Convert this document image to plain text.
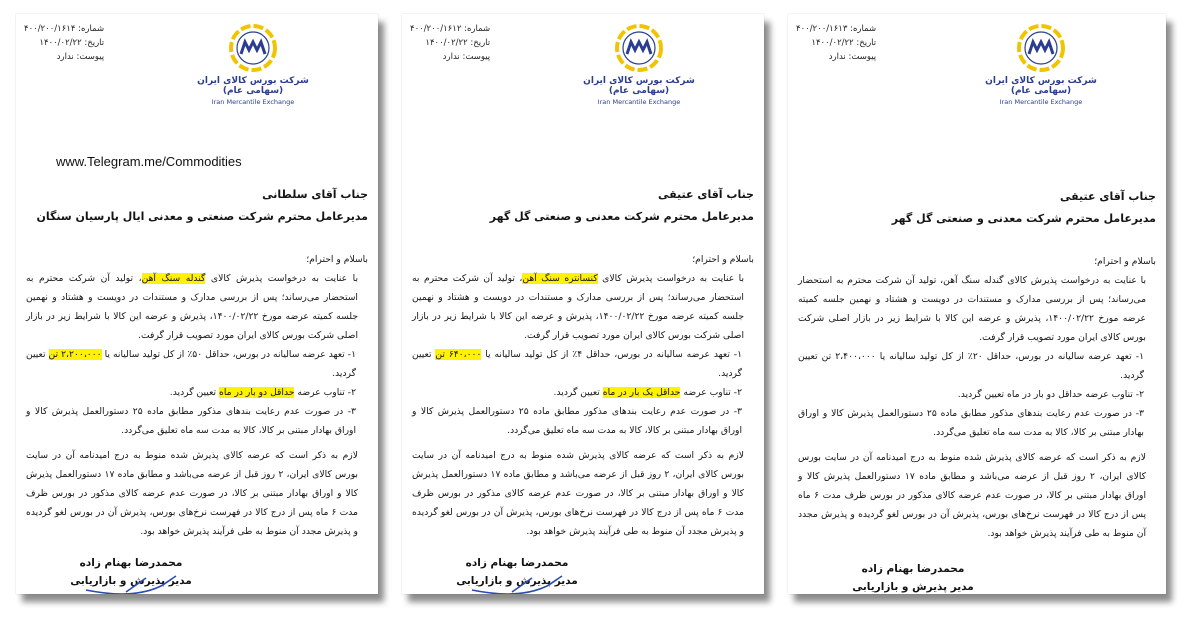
شماره: ۴۰۰/۲۰۰/۱۶۱۴
تاریخ: ۱۴۰۰/۰۲/۲۲
پیوست: ندارد
شرکت بورس کالای ایران (سهامی عام)
Iran Mercantile Exchange
www.Telegram.me/Commodities
جناب آقای سلطانی
مدیرعامل محترم شرکت صنعتی و معدنی ایال پارسیان سنگان
باسلام و احترام؛
با عنایت به درخواست پذیرش کالای گندله سنگ آهن، تولید آن شرکت محترم به استحضار می‌رساند؛ پس از بررسی مدارک و مستندات در دویست و هشتاد و نهمین جلسه کمیته عرضه مورخ ۱۴۰۰/۰۲/۲۲، پذیرش و عرضه این کالا با شرایط زیر در بازار اصلی شرکت بورس کالای ایران مورد تصویب قرار گرفت.
۱- تعهد عرضه سالیانه در بورس، حداقل ۵۰٪ از کل تولید سالیانه یا ۲،۲۰۰،۰۰۰ تن تعیین گردید.
۲- تناوب عرضه حداقل دو بار در ماه تعیین گردید.
۳- در صورت عدم رعایت بندهای مذکور مطابق ماده ۲۵ دستورالعمل پذیرش کالا و اوراق بهادار مبتنی بر کالا، کالا به مدت سه ماه تعلیق می‌گردد.
لازم به ذکر است که عرضه کالای پذیرش شده منوط به درج امیدنامه آن در سایت بورس کالای ایران، ۲ روز قبل از عرضه می‌باشد و مطابق ماده ۱۷ دستورالعمل پذیرش کالا و اوراق بهادار مبتنی بر کالا، در صورت عدم عرضه کالای مذکور در بورس ظرف مدت ۶ ماه پس از درج کالا در فهرست نرخ‌های بورس، پذیرش آن در بورس لغو گردیده و پذیرش مجدد آن منوط به طی فرآیند پذیرش خواهد بود.
محمدرضا بهنام زاده
مدیر پذیرش و بازاریابی
شماره: ۴۰۰/۲۰۰/۱۶۱۲
تاریخ: ۱۴۰۰/۰۲/۲۲
پیوست: ندارد
شرکت بورس کالای ایران (سهامی عام)
Iran Mercantile Exchange
جناب آقای عتیقی
مدیرعامل محترم شرکت معدنی و صنعتی گل گهر
باسلام و احترام؛
با عنایت به درخواست پذیرش کالای کنسانتره سنگ آهن، تولید آن شرکت محترم به استحضار می‌رساند؛ پس از بررسی مدارک و مستندات در دویست و هشتاد و نهمین جلسه کمیته عرضه مورخ ۱۴۰۰/۰۲/۲۲، پذیرش و عرضه این کالا با شرایط زیر در بازار اصلی شرکت بورس کالای ایران مورد تصویب قرار گرفت.
۱- تعهد عرضه سالیانه در بورس، حداقل ۴٪ از کل تولید سالیانه یا ۶۴۰،۰۰۰ تن تعیین گردید.
۲- تناوب عرضه حداقل یک بار در ماه تعیین گردید.
۳- در صورت عدم رعایت بندهای مذکور مطابق ماده ۲۵ دستورالعمل پذیرش کالا و اوراق بهادار مبتنی بر کالا، کالا به مدت سه ماه تعلیق می‌گردد.
لازم به ذکر است که عرضه کالای پذیرش شده منوط به درج امیدنامه آن در سایت بورس کالای ایران، ۲ روز قبل از عرضه می‌باشد و مطابق ماده ۱۷ دستورالعمل پذیرش کالا و اوراق بهادار مبتنی بر کالا، در صورت عدم عرضه کالای مذکور در بورس ظرف مدت ۶ ماه پس از درج کالا در فهرست نرخ‌های بورس، پذیرش آن در بورس لغو گردیده و پذیرش مجدد آن منوط به طی فرآیند پذیرش خواهد بود.
محمدرضا بهنام زاده
مدیر پذیرش و بازاریابی
شماره: ۴۰۰/۲۰۰/۱۶۱۳
تاریخ: ۱۴۰۰/۰۲/۲۲
پیوست: ندارد
شرکت بورس کالای ایران (سهامی عام)
Iran Mercantile Exchange
جناب آقای عتیقی
مدیرعامل محترم شرکت معدنی و صنعتی گل گهر
باسلام و احترام؛
با عنایت به درخواست پذیرش کالای گندله سنگ آهن، تولید آن شرکت محترم به استحضار می‌رساند؛ پس از بررسی مدارک و مستندات در دویست و هشتاد و نهمین جلسه کمیته عرضه مورخ ۱۴۰۰/۰۲/۲۲، پذیرش و عرضه این کالا با شرایط زیر در بازار اصلی شرکت بورس کالای ایران مورد تصویب قرار گرفت.
۱- تعهد عرضه سالیانه در بورس، حداقل ۲۰٪ از کل تولید سالیانه یا ۲،۴۰۰،۰۰۰ تن تعیین گردید.
۲- تناوب عرضه حداقل دو بار در ماه تعیین گردید.
۳- در صورت عدم رعایت بندهای مذکور مطابق ماده ۲۵ دستورالعمل پذیرش کالا و اوراق بهادار مبتنی بر کالا، کالا به مدت سه ماه تعلیق می‌گردد.
لازم به ذکر است که عرضه کالای پذیرش شده منوط به درج امیدنامه آن در سایت بورس کالای ایران، ۲ روز قبل از عرضه می‌باشد و مطابق ماده ۱۷ دستورالعمل پذیرش کالا و اوراق بهادار مبتنی بر کالا، در صورت عدم عرضه کالای مذکور در بورس ظرف مدت ۶ ماه پس از درج کالا در فهرست نرخ‌های بورس، پذیرش آن در بورس لغو گردیده و پذیرش مجدد آن منوط به طی فرآیند پذیرش خواهد بود.
محمدرضا بهنام زاده
مدیر پذیرش و بازاریابی
